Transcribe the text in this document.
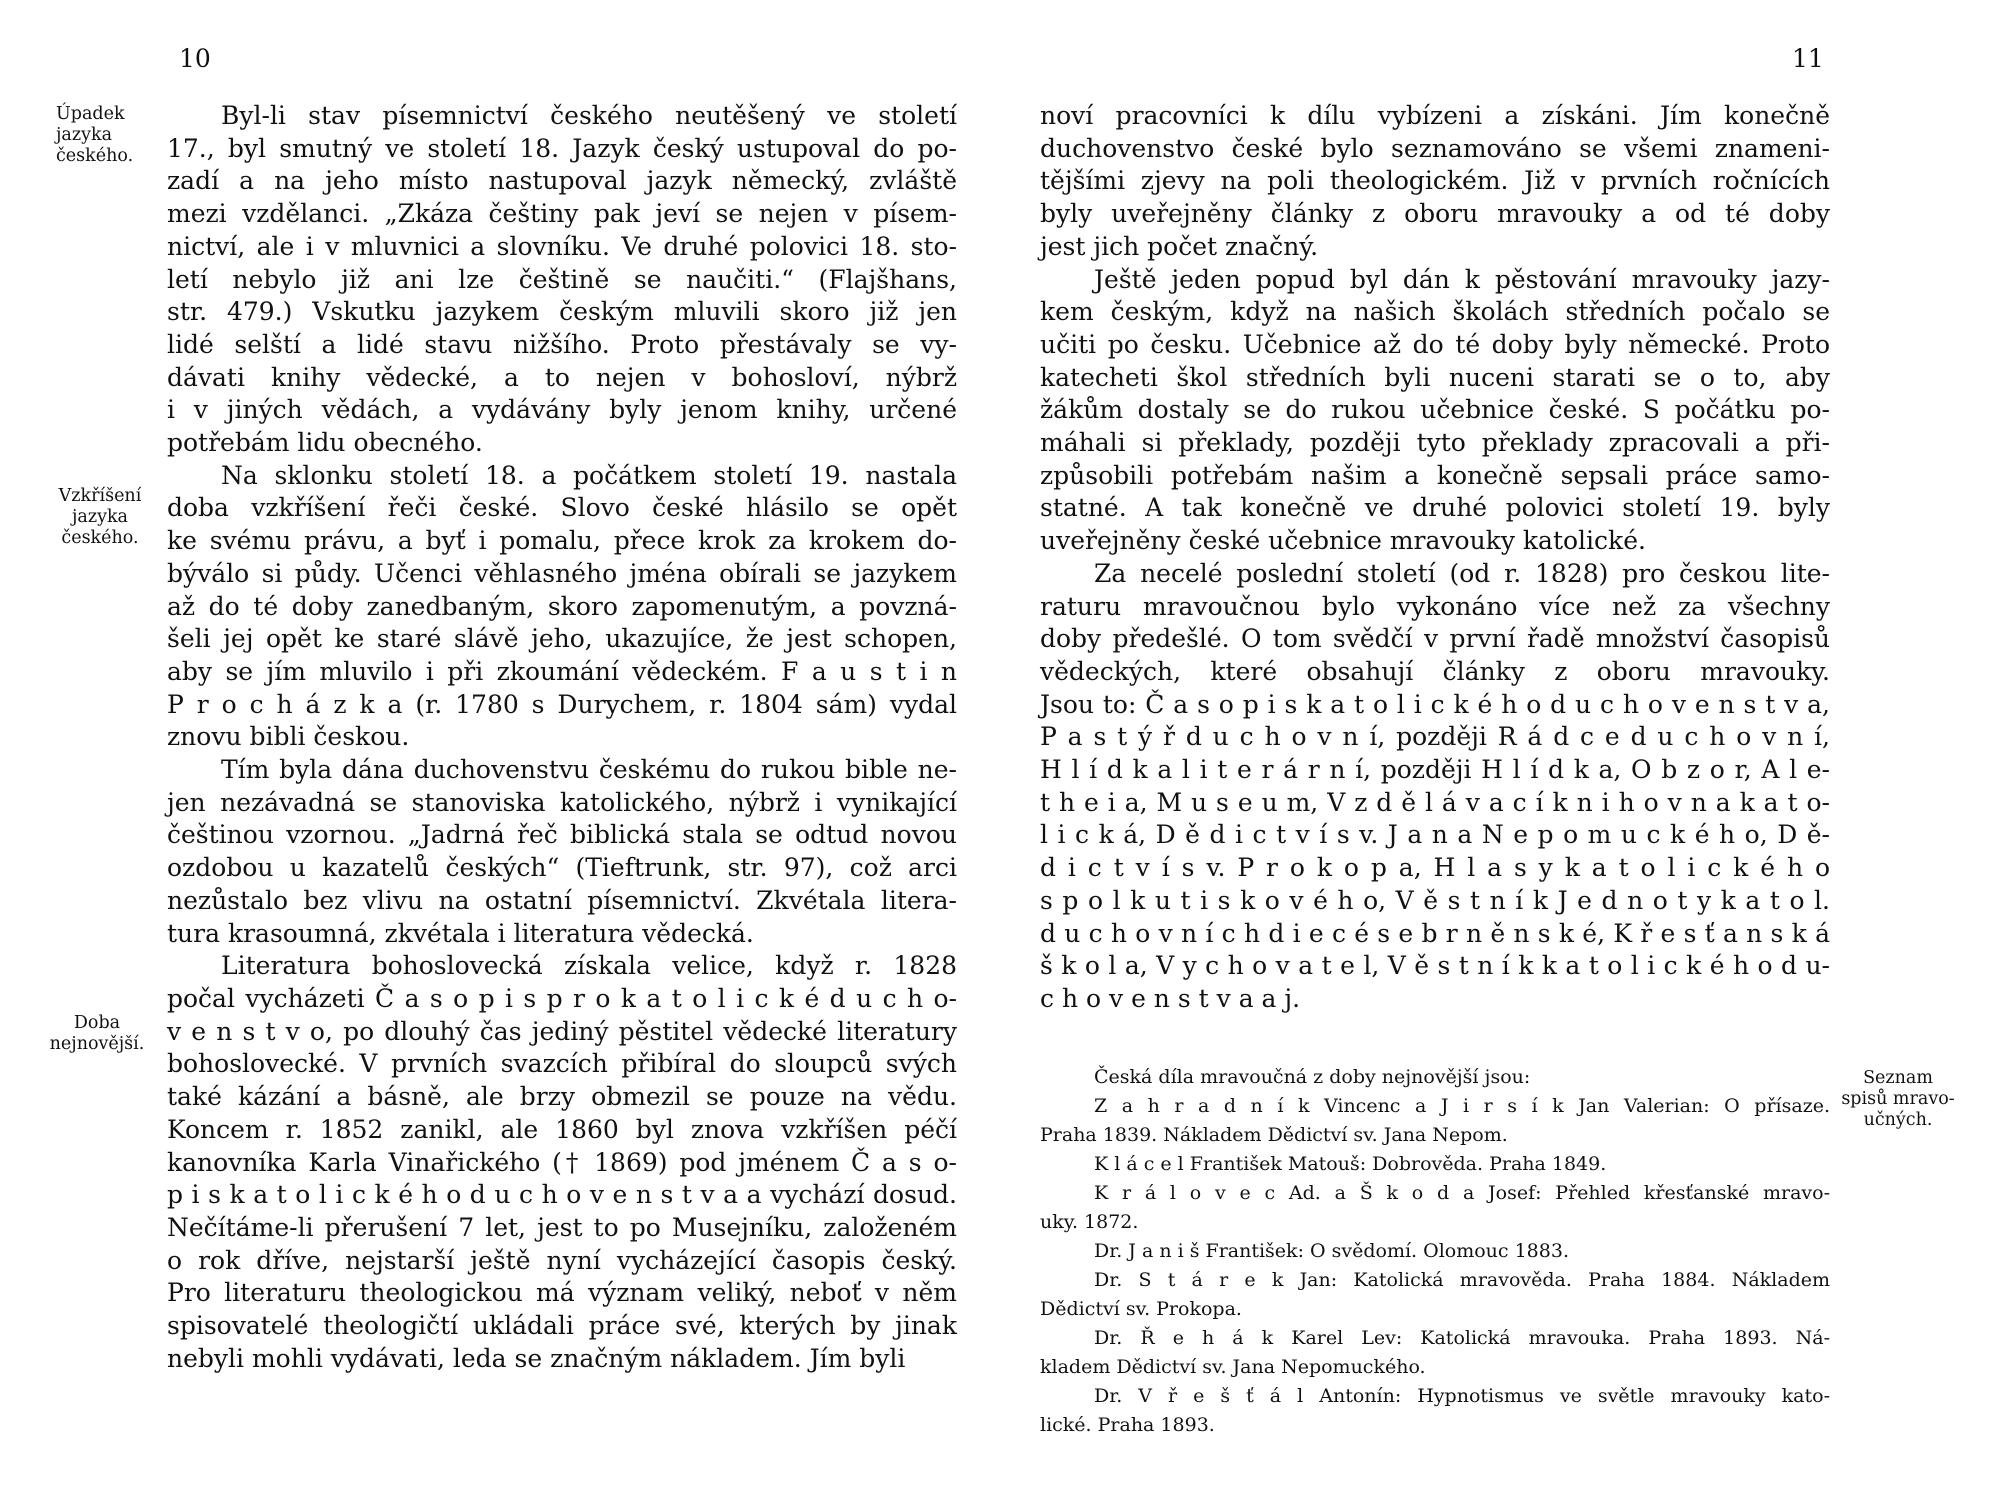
10	11
Úpadek
jazyka
českého.
Vzkříšení
jazyka
českého.
Doba
nejnovější.
Seznam
spisů mravo-
učných.
Byl-li stav písemnictví českého neutěšený ve století
17., byl smutný ve století 18. Jazyk český ustupoval do po-
zadí a na jeho místo nastupoval jazyk německý, zvláště
mezi vzdělanci. „Zkáza češtiny pak jeví se nejen v písem-
nictví, ale i v mluvnici a slovníku. Ve druhé polovici 18. sto-
letí nebylo již ani lze češtině se naučiti.“ (Flajšhans,
str. 479.) Vskutku jazykem českým mluvili skoro již jen
lidé selští a lidé stavu nižšího. Proto přestávaly se vy-
dávati knihy vědecké, a to nejen v bohosloví, nýbrž
i v jiných vědách, a vydávány byly jenom knihy, určené
potřebám lidu obecného.
Na sklonku století 18. a počátkem století 19. nastala
doba vzkříšení řeči české. Slovo české hlásilo se opět
ke svému právu, a byť i pomalu, přece krok za krokem do-
býválo si půdy. Učenci věhlasného jména obírali se jazykem
až do té doby zanedbaným, skoro zapomenutým, a povzná-
šeli jej opět ke staré slávě jeho, ukazujíce, že jest schopen,
aby se jím mluvilo i při zkoumání vědeckém. F a u s t i n
P r o c h á z k a (r. 1780 s Durychem, r. 1804 sám) vydal
znovu bibli českou.
Tím byla dána duchovenstvu českému do rukou bible ne-
jen nezávadná se stanoviska katolického, nýbrž i vynikající
češtinou vzornou. „Jadrná řeč biblická stala se odtud novou
ozdobou u kazatelů českých“ (Tieftrunk, str. 97), což arci
nezůstalo bez vlivu na ostatní písemnictví. Zkvétala litera-
tura krasoumná, zkvétala i literatura vědecká.
Literatura bohoslovecká získala velice, když r. 1828
počal vycházeti Č a s o p i s p r o k a t o l i c k é d u c h o-
v e n s t v o, po dlouhý čas jediný pěstitel vědecké literatury
bohoslovecké. V prvních svazcích přibíral do sloupců svých
také kázání a básně, ale brzy obmezil se pouze na vědu.
Koncem r. 1852 zanikl, ale 1860 byl znova vzkříšen péčí
kanovníka Karla Vinařického († 1869) pod jménem Č a s o-
p i s k a t o l i c k é h o d u c h o v e n s t v a a vychází dosud.
Nečítáme-li přerušení 7 let, jest to po Musejníku, založeném
o rok dříve, nejstarší ještě nyní vycházející časopis český.
Pro literaturu theologickou má význam veliký, neboť v něm
spisovatelé theologičtí ukládali práce své, kterých by jinak
nebyli mohli vydávati, leda se značným nákladem. Jím byli
noví pracovníci k dílu vybízeni a získáni. Jím konečně
duchovenstvo české bylo seznamováno se všemi znameni-
tějšími zjevy na poli theologickém. Již v prvních ročnících
byly uveřejněny články z oboru mravouky a od té doby
jest jich počet značný.
Ještě jeden popud byl dán k pěstování mravouky jazy-
kem českým, když na našich školách středních počalo se
učiti po česku. Učebnice až do té doby byly německé. Proto
katecheti škol středních byli nuceni starati se o to, aby
žákům dostaly se do rukou učebnice české. S počátku po-
máhali si překlady, později tyto překlady zpracovali a při-
způsobili potřebám našim a konečně sepsali práce samo-
statné. A tak konečně ve druhé polovici století 19. byly
uveřejněny české učebnice mravouky katolické.
Za necelé poslední století (od r. 1828) pro českou lite-
raturu mravoučnou bylo vykonáno více než za všechny
doby předešlé. O tom svědčí v první řadě množství časopisů
vědeckých, které obsahují články z oboru mravouky.
Jsou to: Č a s o p i s k a t o l i c k é h o d u c h o v e n s t v a,
P a s t ý ř d u c h o v n í, později R á d c e d u c h o v n í,
H l í d k a l i t e r á r n í, později H l í d k a, O b z o r, A l e-
t h e i a, M u s e u m, V z d ě l á v a c í k n i h o v n a k a t o-
l i c k á, D ě d i c t v í s v. J a n a N e p o m u c k é h o, D ě-
d i c t v í s v. P r o k o p a, H l a s y k a t o l i c k é h o
s p o l k u t i s k o v é h o, V ě s t n í k J e d n o t y k a t o l.
d u c h o v n í c h d i e c é s e b r n ě n s k é, K ř e s ť a n s k á
š k o l a, V y c h o v a t e l, V ě s t n í k k a t o l i c k é h o d u-
c h o v e n s t v a a j.
Česká díla mravoučná z doby nejnovější jsou:
Z a h r a d n í k Vincenc a J i r s í k Jan Valerian: O přísaze.
Praha 1839. Nákladem Dědictví sv. Jana Nepom.
K l á c e l František Matouš: Dobrověda. Praha 1849.
K r á l o v e c Ad. a Š k o d a Josef: Přehled křesťanské mravo-
uky. 1872.
Dr. J a n i š František: O svědomí. Olomouc 1883.
Dr. S t á r e k Jan: Katolická mravověda. Praha 1884. Nákladem
Dědictví sv. Prokopa.
Dr. Ř e h á k Karel Lev: Katolická mravouka. Praha 1893. Ná-
kladem Dědictví sv. Jana Nepomuckého.
Dr. V ř e š ť á l Antonín: Hypnotismus ve světle mravouky kato-
lické. Praha 1893.
